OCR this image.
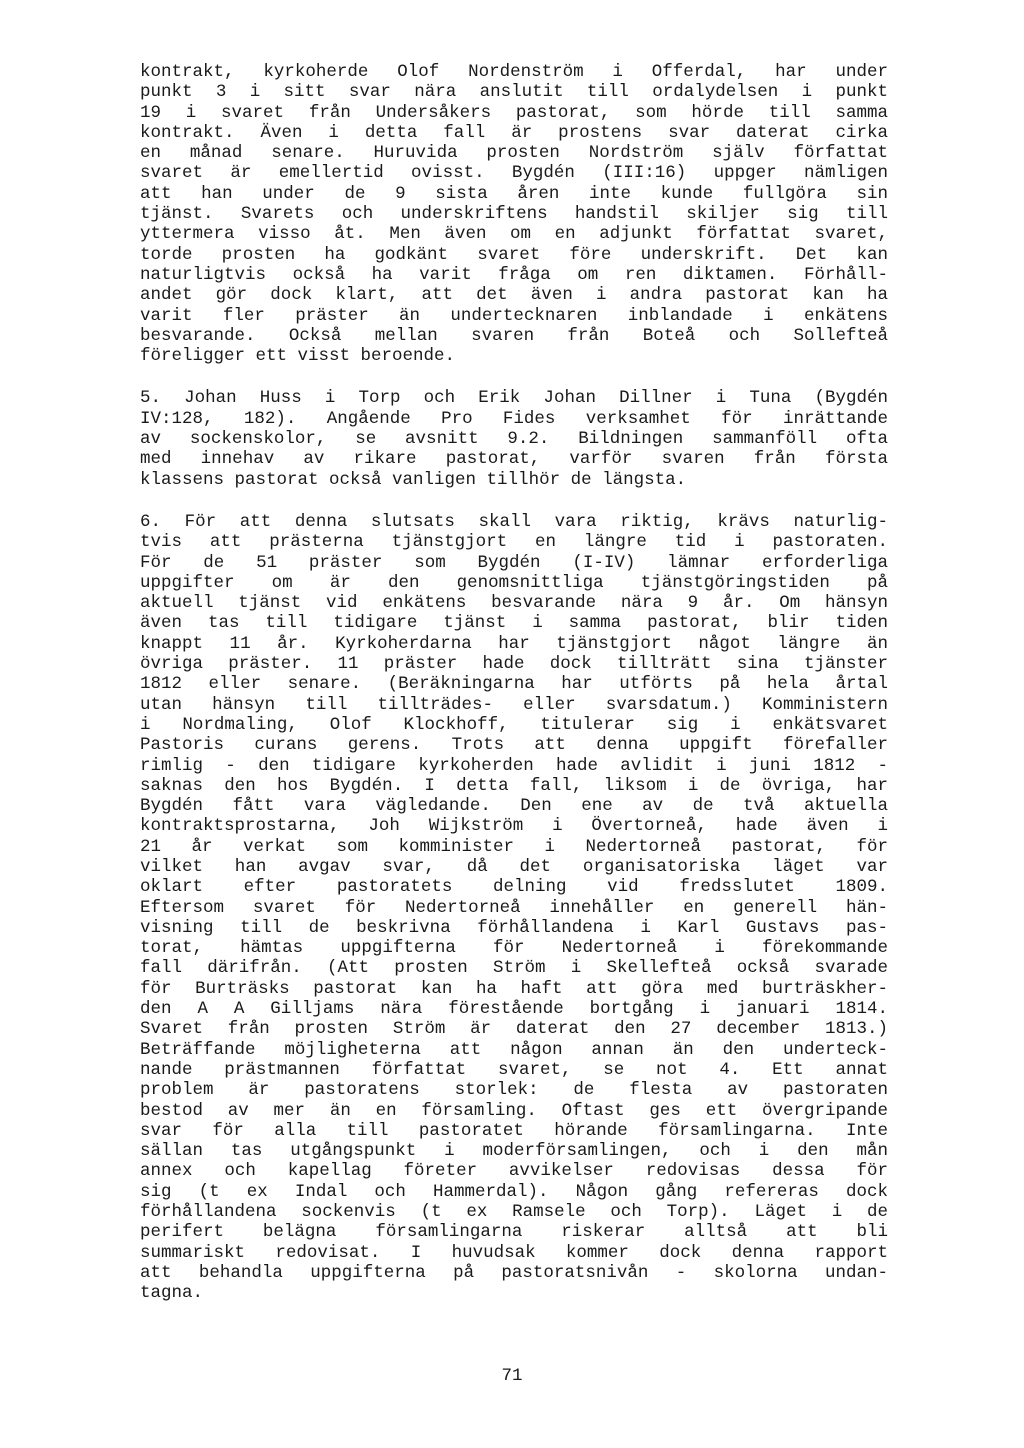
kontrakt, kyrkoherde Olof Nordenström i Offerdal, har under
punkt 3 i sitt svar nära anslutit till ordalydelsen i punkt
19 i svaret från Undersåkers pastorat, som hörde till samma
kontrakt. Även i detta fall är prostens svar daterat cirka
en månad senare. Huruvida prosten Nordström själv författat
svaret är emellertid ovisst. Bygdén (III:16) uppger nämligen
att han under de 9 sista åren inte kunde fullgöra sin
tjänst. Svarets och underskriftens handstil skiljer sig till
yttermera visso åt. Men även om en adjunkt författat svaret,
torde prosten ha godkänt svaret före underskrift. Det kan
naturligtvis också ha varit fråga om ren diktamen. Förhåll-
andet gör dock klart, att det även i andra pastorat kan ha
varit fler präster än undertecknaren inblandade i enkätens
besvarande. Också mellan svaren från Boteå och Sollefteå
föreligger ett visst beroende.
5. Johan Huss i Torp och Erik Johan Dillner i Tuna (Bygdén
IV:128, 182). Angående Pro Fides verksamhet för inrättande
av sockenskolor, se avsnitt 9.2. Bildningen sammanföll ofta
med innehav av rikare pastorat, varför svaren från första
klassens pastorat också vanligen tillhör de längsta.
6. För att denna slutsats skall vara riktig, krävs naturlig-
tvis att prästerna tjänstgjort en längre tid i pastoraten.
För de 51 präster som Bygdén (I-IV) lämnar erforderliga
uppgifter om är den genomsnittliga tjänstgöringstiden på
aktuell tjänst vid enkätens besvarande nära 9 år. Om hänsyn
även tas till tidigare tjänst i samma pastorat, blir tiden
knappt 11 år. Kyrkoherdarna har tjänstgjort något längre än
övriga präster. 11 präster hade dock tillträtt sina tjänster
1812 eller senare. (Beräkningarna har utförts på hela årtal
utan hänsyn till tillträdes- eller svarsdatum.) Komministern
i Nordmaling, Olof Klockhoff, titulerar sig i enkätsvaret
Pastoris curans gerens. Trots att denna uppgift förefaller
rimlig - den tidigare kyrkoherden hade avlidit i juni 1812 -
saknas den hos Bygdén. I detta fall, liksom i de övriga, har
Bygdén fått vara vägledande. Den ene av de två aktuella
kontraktsprostarna, Joh Wijkström i Övertorneå, hade även i
21 år verkat som komminister i Nedertorneå pastorat, för
vilket han avgav svar, då det organisatoriska läget var
oklart efter pastoratets delning vid fredsslutet 1809.
Eftersom svaret för Nedertorneå innehåller en generell hän-
visning till de beskrivna förhållandena i Karl Gustavs pas-
torat, hämtas uppgifterna för Nedertorneå i förekommande
fall därifrån. (Att prosten Ström i Skellefteå också svarade
för Burträsks pastorat kan ha haft att göra med burträskher-
den A A Gilljams nära förestående bortgång i januari 1814.
Svaret från prosten Ström är daterat den 27 december 1813.)
Beträffande möjligheterna att någon annan än den underteck-
nande prästmannen författat svaret, se not 4. Ett annat
problem är pastoratens storlek: de flesta av pastoraten
bestod av mer än en församling. Oftast ges ett övergripande
svar för alla till pastoratet hörande församlingarna. Inte
sällan tas utgångspunkt i moderförsamlingen, och i den mån
annex och kapellag företer avvikelser redovisas dessa för
sig (t ex Indal och Hammerdal). Någon gång refereras dock
förhållandena sockenvis (t ex Ramsele och Torp). Läget i de
perifert belägna församlingarna riskerar alltså att bli
summariskt redovisat. I huvudsak kommer dock denna rapport
att behandla uppgifterna på pastoratsnivån - skolorna undan-
tagna.
71
